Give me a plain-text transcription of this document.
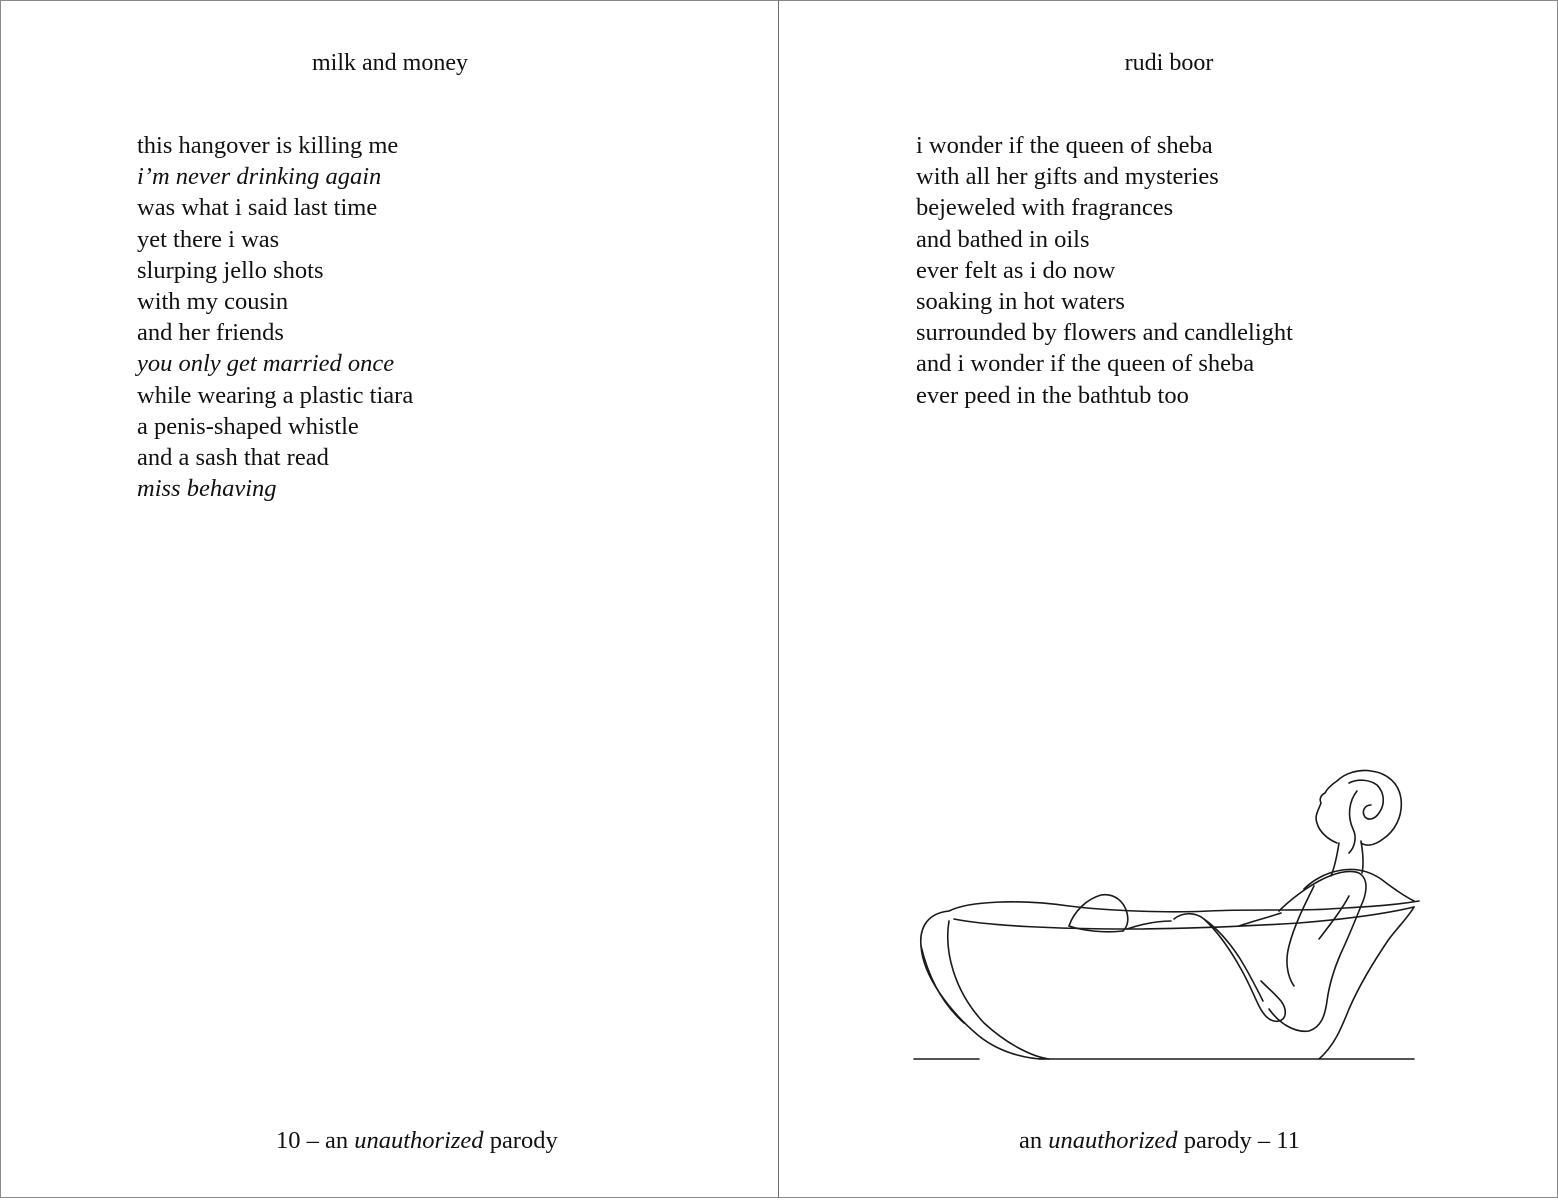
milk and money
this hangover is killing me
i’m never drinking again
was what i said last time
yet there i was
slurping jello shots
with my cousin
and her friends
you only get married once
while wearing a plastic tiara
a penis-shaped whistle
and a sash that read
miss behaving
10 – an unauthorized parody
rudi boor
i wonder if the queen of sheba
with all her gifts and mysteries
bejeweled with fragrances
and bathed in oils
ever felt as i do now
soaking in hot waters
surrounded by flowers and candlelight
and i wonder if the queen of sheba
ever peed in the bathtub too
an unauthorized parody – 11
